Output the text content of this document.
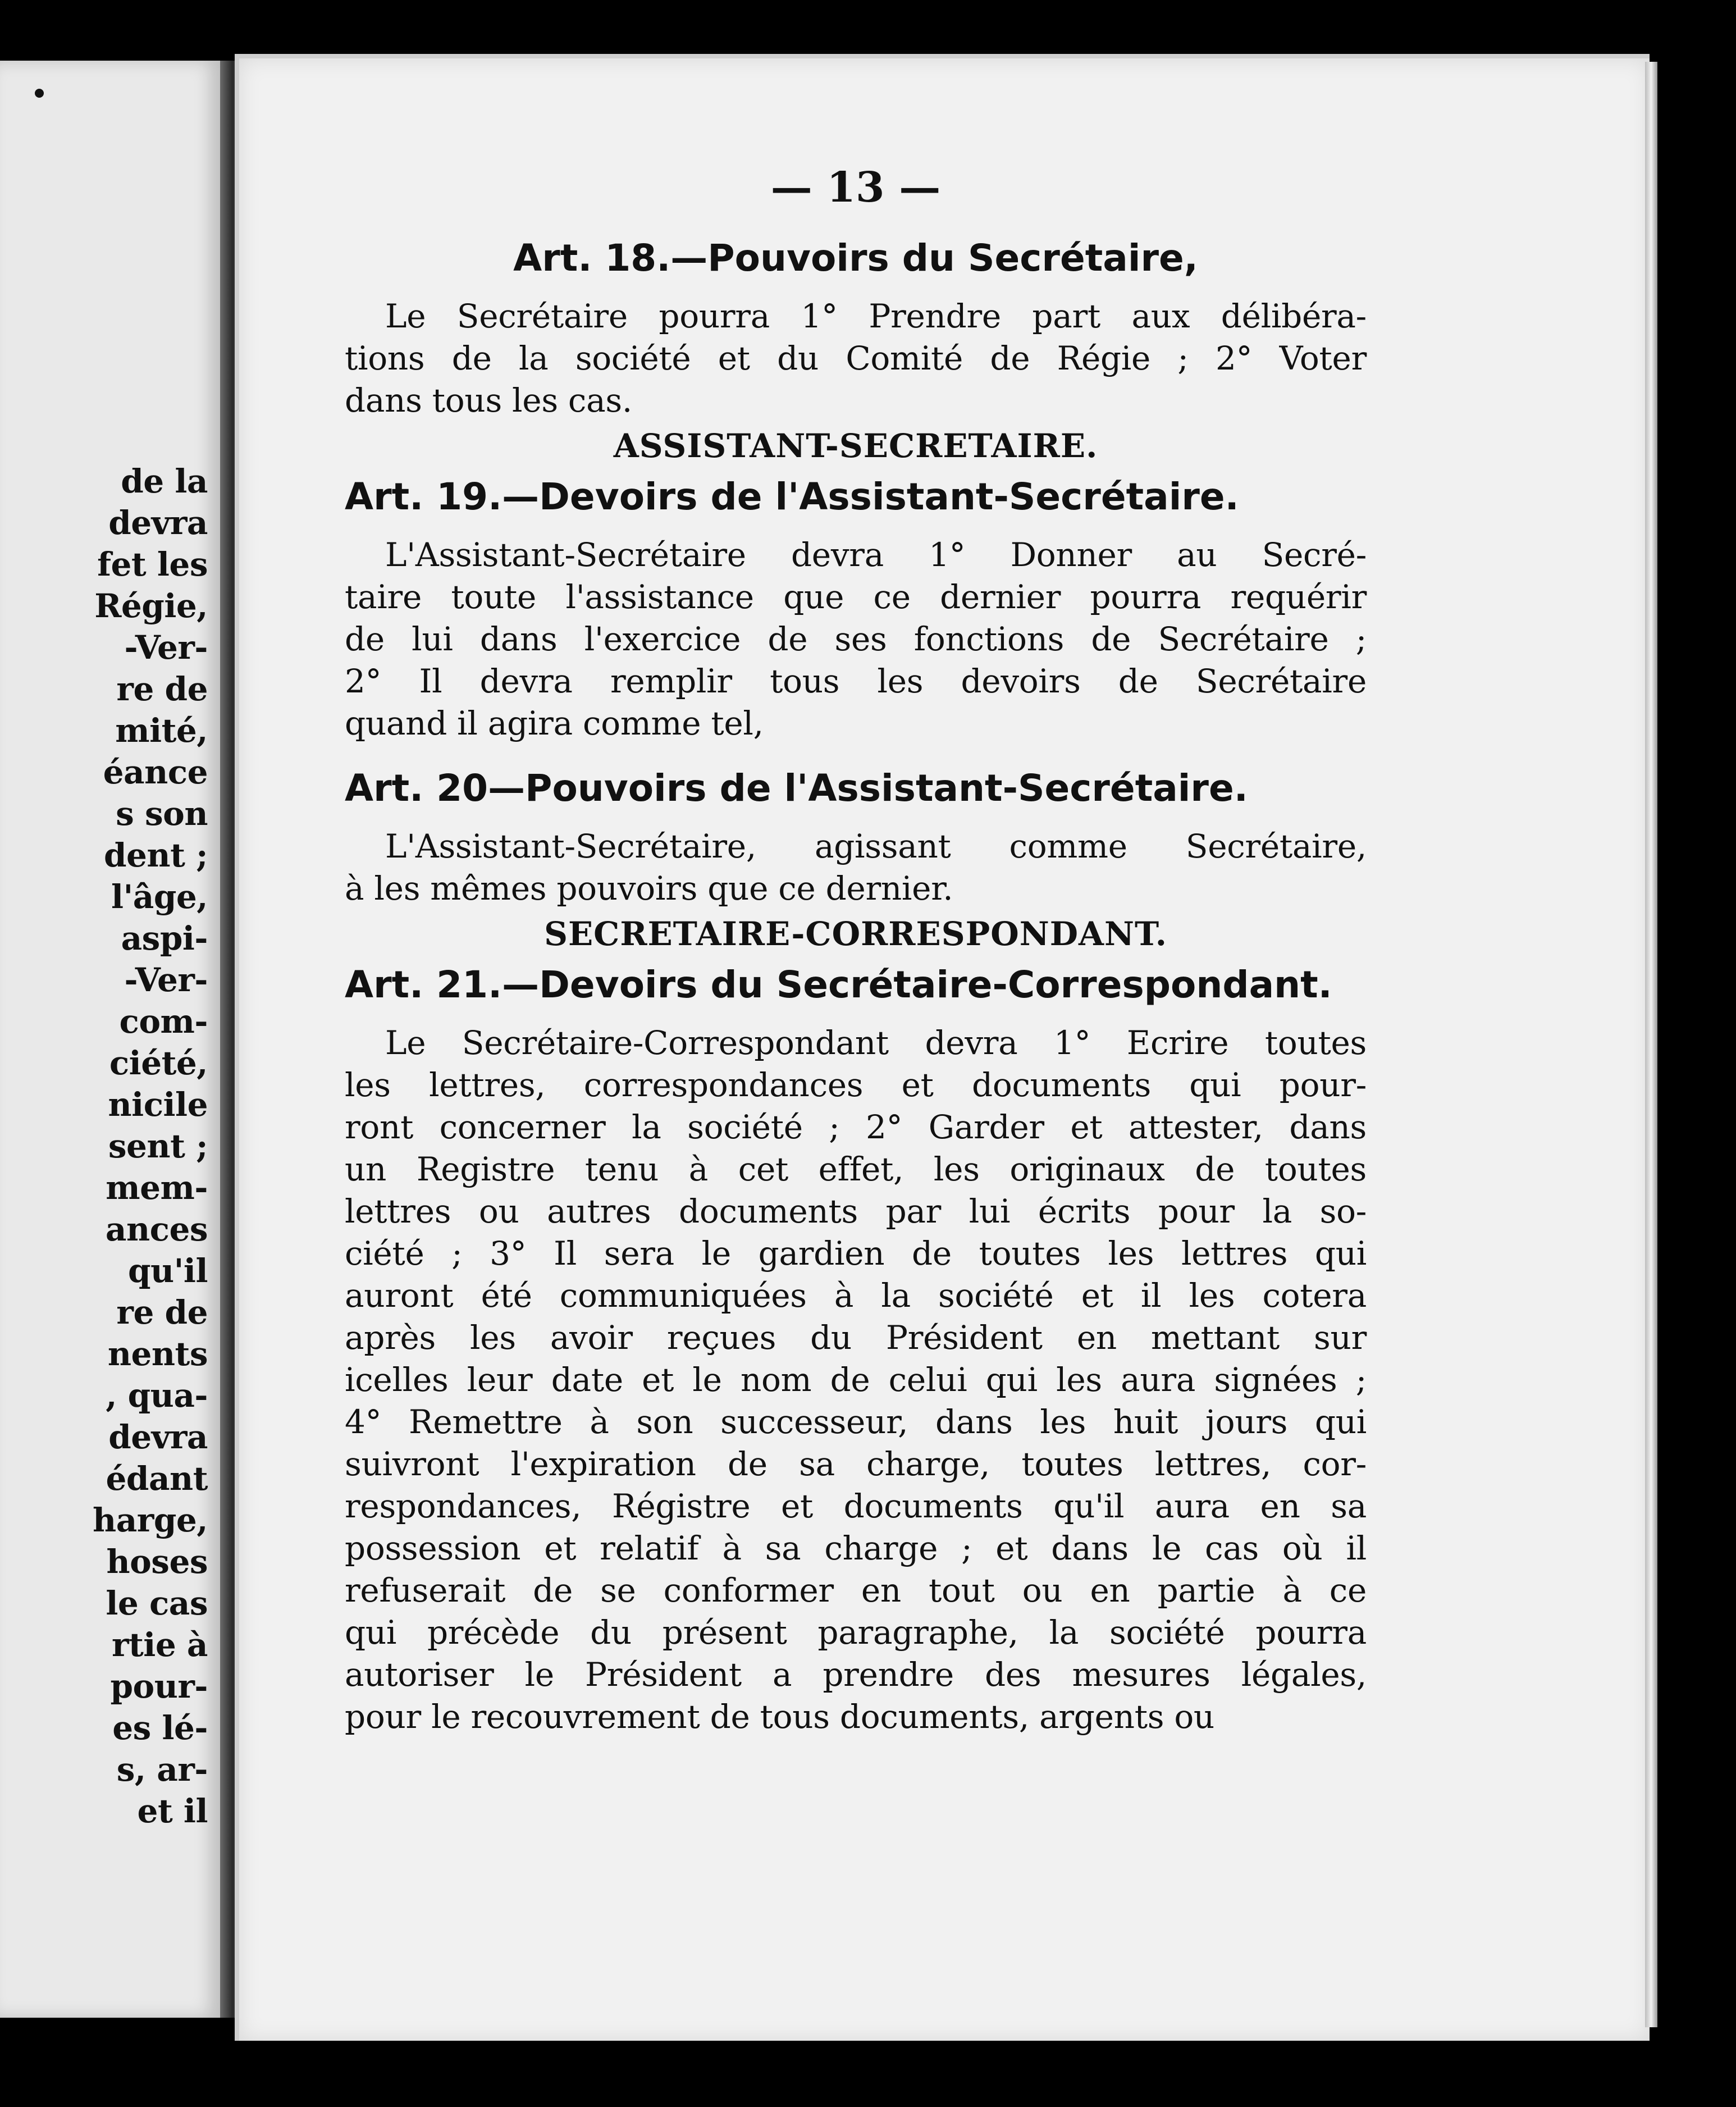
de la
devra
fet les
Régie,
-Ver-
re de
mité,
éance
s son
dent ;
l'âge,
aspi-
-Ver-
com-
ciété,
nicile
sent ;
mem-
ances
qu'il
re de
nents
, qua-
devra
édant
harge,
hoses
le cas
rtie à
pour-
es lé-
s, ar-
et il
— 13 —
Art. 18.—Pouvoirs du Secrétaire,
Le Secrétaire pourra 1° Prendre part aux délibéra-
tions de la société et du Comité de Régie ; 2° Voter
dans tous les cas.
ASSISTANT-SECRETAIRE.
Art. 19.—Devoirs de l'Assistant-Secrétaire.
L'Assistant-Secrétaire devra 1° Donner au Secré-
taire toute l'assistance que ce dernier pourra requérir
de lui dans l'exercice de ses fonctions de Secrétaire ;
2° Il devra remplir tous les devoirs de Secrétaire
quand il agira comme tel,
Art. 20—Pouvoirs de l'Assistant-Secrétaire.
L'Assistant-Secrétaire, agissant comme Secrétaire,
à les mêmes pouvoirs que ce dernier.
SECRETAIRE-CORRESPONDANT.
Art. 21.—Devoirs du Secrétaire-Correspondant.
Le Secrétaire-Correspondant devra 1° Ecrire toutes
les lettres, correspondances et documents qui pour-
ront concerner la société ; 2° Garder et attester, dans
un Registre tenu à cet effet, les originaux de toutes
lettres ou autres documents par lui écrits pour la so-
ciété ; 3° Il sera le gardien de toutes les lettres qui
auront été communiquées à la société et il les cotera
après les avoir reçues du Président en mettant sur
icelles leur date et le nom de celui qui les aura signées ;
4° Remettre à son successeur, dans les huit jours qui
suivront l'expiration de sa charge, toutes lettres, cor-
respondances, Régistre et documents qu'il aura en sa
possession et relatif à sa charge ; et dans le cas où il
refuserait de se conformer en tout ou en partie à ce
qui précède du présent paragraphe, la société pourra
autoriser le Président a prendre des mesures légales,
pour le recouvrement de tous documents, argents ou
